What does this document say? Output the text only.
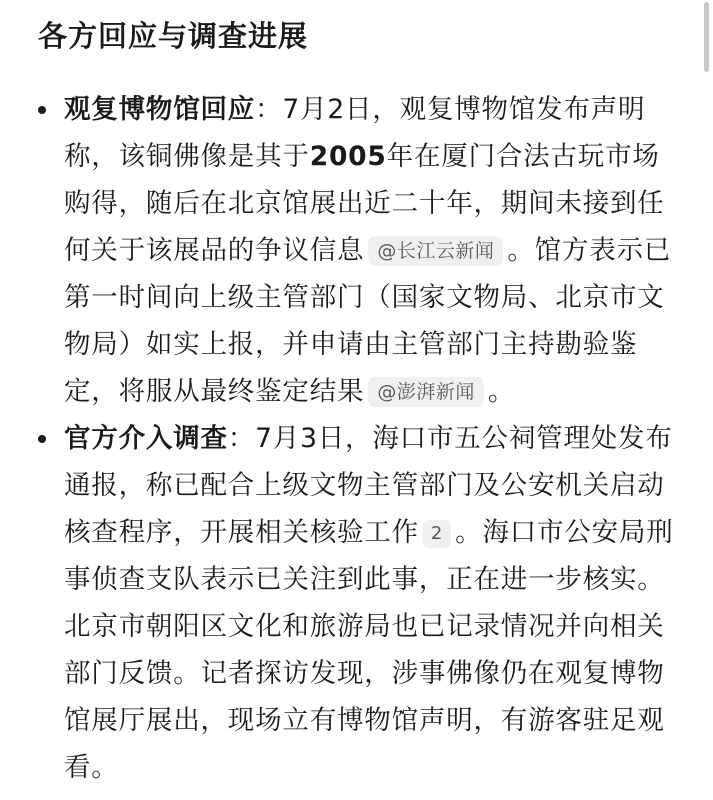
各方回应与调查进展
观复博物馆回应：7月2日，观复博物馆发布声明称，该铜佛像是其于2005年在厦门合法古玩市场购得，随后在北京馆展出近二十年，期间未接到任何关于该展品的争议信息 @长江云新闻 。馆方表示已第一时间向上级主管部门（国家文物局、北京市文物局）如实上报，并申请由主管部门主持勘验鉴定，将服从最终鉴定结果 @澎湃新闻 。
官方介入调查：7月3日，海口市五公祠管理处发布通报，称已配合上级文物主管部门及公安机关启动核查程序，开展相关核验工作 2 。海口市公安局刑事侦查支队表示已关注到此事，正在进一步核实。北京市朝阳区文化和旅游局也已记录情况并向相关部门反馈。记者探访发现，涉事佛像仍在观复博物馆展厅展出，现场立有博物馆声明，有游客驻足观看。
